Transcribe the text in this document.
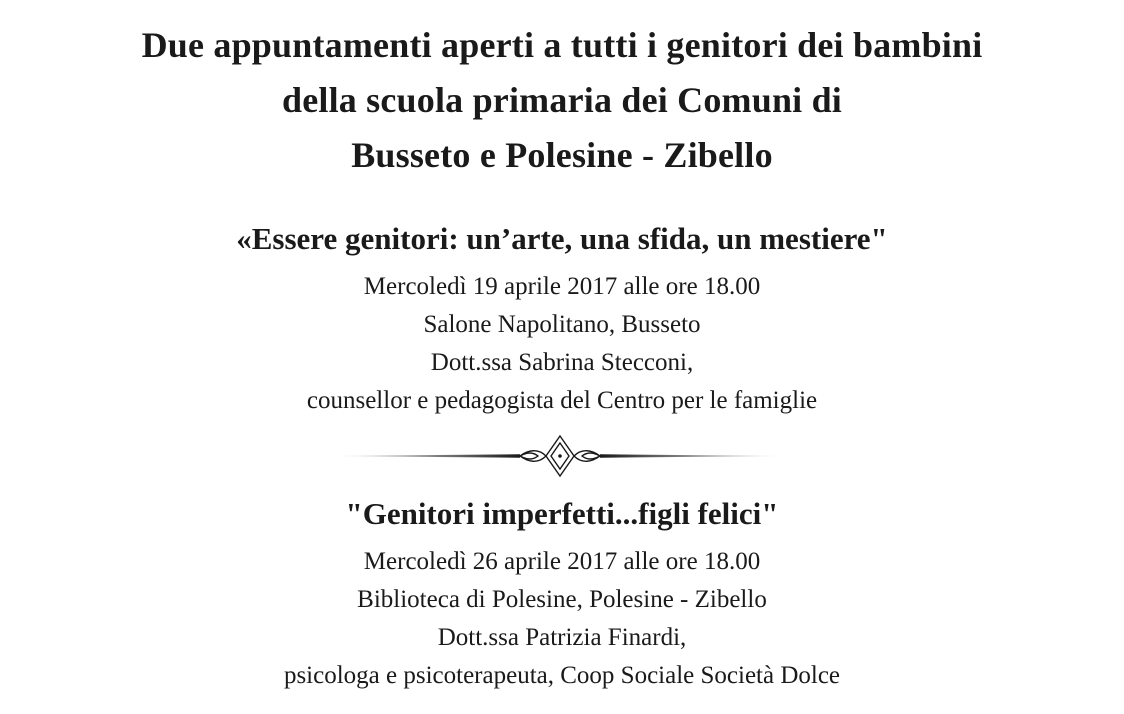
Due appuntamenti aperti a tutti i genitori dei bambini
della scuola primaria dei Comuni di
Busseto e Polesine - Zibello
«Essere genitori: un’arte, una sfida, un mestiere"
Mercoledì 19 aprile 2017 alle ore 18.00
Salone Napolitano, Busseto
Dott.ssa Sabrina Stecconi,
counsellor e pedagogista del Centro per le famiglie
"Genitori imperfetti...figli felici"
Mercoledì 26 aprile 2017 alle ore 18.00
Biblioteca di Polesine, Polesine - Zibello
Dott.ssa Patrizia Finardi,
psicologa e psicoterapeuta, Coop Sociale Società Dolce
